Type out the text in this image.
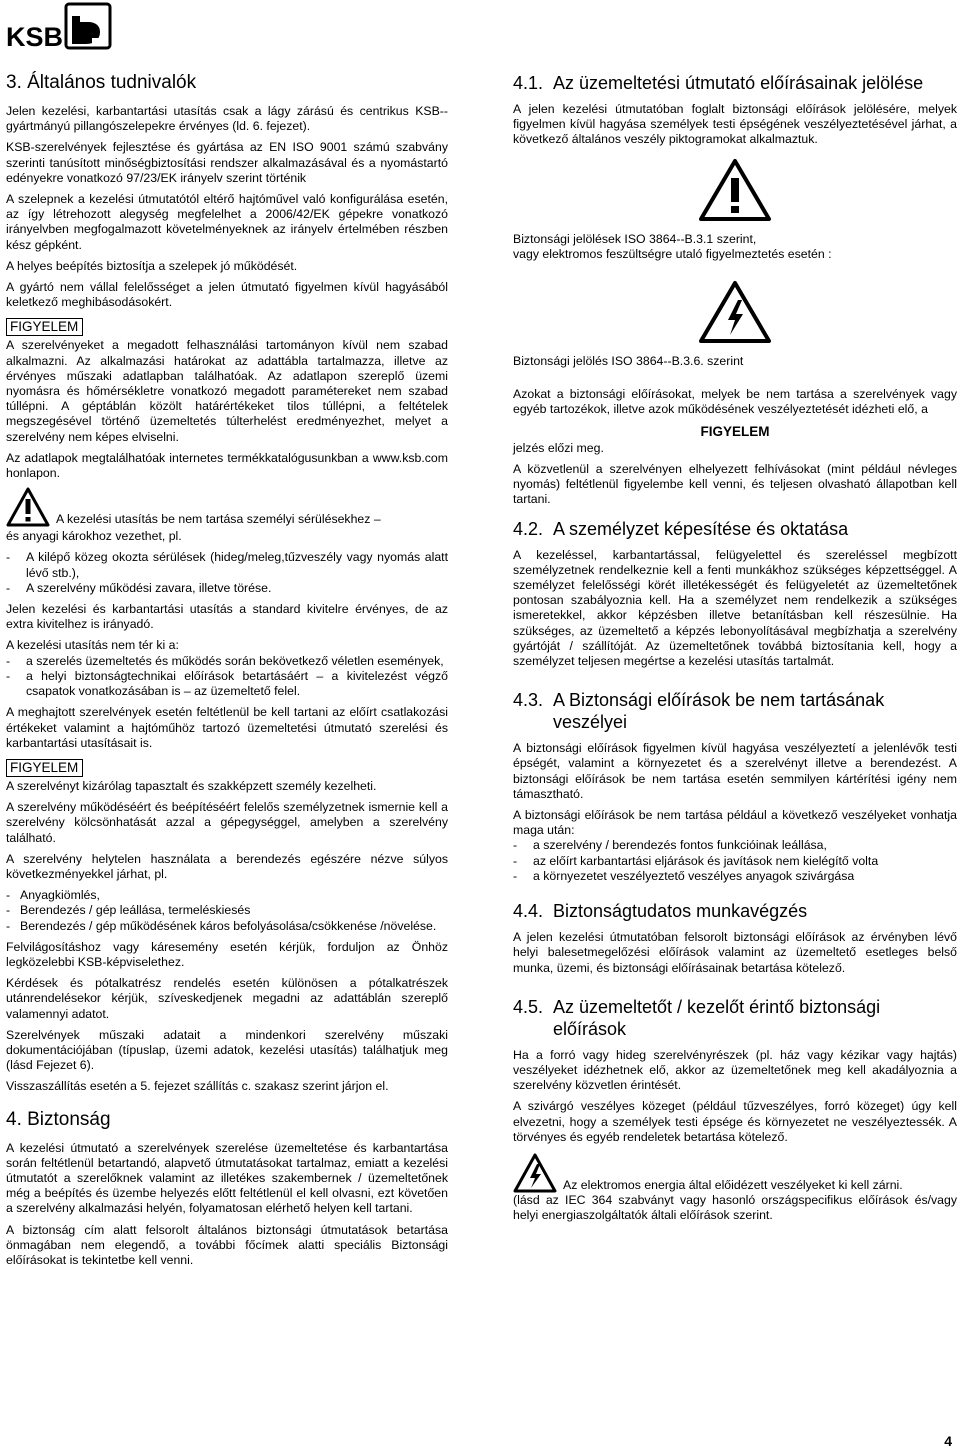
KSB
3. Általános tudnivalók

Jelen kezelési, karbantartási utasítás csak a lágy zárású és centrikus KSB--gyártmányú pillangószelepekre érvényes (ld. 6. fejezet).

KSB-szerelvények fejlesztése és gyártása az EN ISO 9001 számú szabvány szerinti tanúsított minőségbiztosítási rendszer alkalmazásával és a nyomástartó edényekre vonatkozó 97/23/EK irányelv szerint történik

A szelepnek a kezelési útmutatótól eltérő hajtóművel való konfigurálása esetén, az így létrehozott alegység megfelelhet a 2006/42/EK gépekre vonatkozó irányelvben megfogalmazott követelményeknek az irányelv értelmében részben kész gépként.

A helyes beépítés biztosítja a szelepek jó működését.

A gyártó nem vállal felelősséget a jelen útmutató figyelmen kívül hagyásából keletkező meghibásodásokért.

FIGYELEM

A szerelvényeket a megadott felhasználási tartományon kívül nem szabad alkalmazni. Az alkalmazási határokat az adattábla tartalmazza, illetve az érvényes műszaki adatlapban találhatóak. Az adatlapon szereplő üzemi nyomásra és hőmérsékletre vonatkozó megadott paramétereket nem szabad túllépni. A géptáblán közölt határértékeket tilos túllépni, a feltételek megszegésével történő üzemeltetés túlterhelést eredményezhet, melyet a szerelvény nem képes elviselni.

Az adatlapok megtalálhatóak internetes termékkatalógusunkban a www.ksb.com honlapon.

A kezelési utasítás be nem tartása személyi sérülésekhez –

és anyagi károkhoz vezethet, pl.

- A kilépő közeg okozta sérülések (hideg/meleg,tűzveszély vagy nyomás alatt lévő stb.),
- A szerelvény működési zavara, illetve törése.

Jelen kezelési és karbantartási utasítás a standard kivitelre érvényes, de az extra kivitelhez is irányadó.

A kezelési utasítás nem tér ki a:

- a szerelés üzemeltetés és működés során bekövetkező véletlen események,
- a helyi biztonságtechnikai előírások betartásáért – a kivitelezést végző csapatok vonatkozásában is – az üzemeltető felel.

A meghajtott szerelvények esetén feltétlenül be kell tartani az előírt csatlakozási értékeket valamint a hajtóműhöz tartozó üzemeltetési útmutató szerelési és karbantartási utasításait is.

FIGYELEM

A szerelvényt kizárólag tapasztalt és szakképzett személy kezelheti.

A szerelvény működéséért és beépítéséért felelős személyzetnek ismernie kell a szerelvény kölcsönhatását azzal a gépegységgel, amelyben a szerelvény található.

A szerelvény helytelen használata a berendezés egészére nézve súlyos következményekkel járhat, pl.

- Anyagkiömlés,
- Berendezés / gép leállása, termeléskiesés
- Berendezés / gép működésének káros befolyásolása/csökkenése /növelése.

Felvilágosításhoz vagy káresemény esetén kérjük, forduljon az Önhöz legközelebbi KSB-képviselethez.

Kérdések és pótalkatrész rendelés esetén különösen a pótalkatrészek utánrendelésekor kérjük, szíveskedjenek megadni az adattáblán szereplő valamennyi adatot.

Szerelvények műszaki adatait a mindenkori szerelvény műszaki dokumentációjában (típuslap, üzemi adatok, kezelési utasítás) találhatjuk meg (lásd Fejezet 6).

Visszaszállítás esetén a 5. fejezet szállítás c. szakasz szerint járjon el.

4. Biztonság

A kezelési útmutató a szerelvények szerelése üzemeltetése és karbantartása során feltétlenül betartandó, alapvető útmutatásokat tartalmaz, emiatt a kezelési útmutatót a szerelőknek valamint az illetékes szakembernek / üzemeltetőnek még a beépítés és üzembe helyezés előtt feltétlenül el kell olvasni, ezt követően a szerelvény alkalmazási helyén, folyamatosan elérhető helyen kell tartani.

A biztonság cím alatt felsorolt általános biztonsági útmutatások betartása önmagában nem elegendő, a további főcímek alatti speciális Biztonsági előírásokat is tekintetbe kell venni.

4.1. Az üzemeltetési útmutató előírásainak jelölése

A jelen kezelési útmutatóban foglalt biztonsági előírások jelölésére, melyek figyelmen kívül hagyása személyek testi épségének veszélyeztetésével járhat, a következő általános veszély piktogramokat alkalmaztuk.

Biztonsági jelölések ISO 3864--B.3.1 szerint,
vagy elektromos feszültségre utaló figyelmeztetés esetén :

Biztonsági jelölés ISO 3864--B.3.6. szerint

Azokat a biztonsági előírásokat, melyek be nem tartása a szerelvények vagy egyéb tartozékok, illetve azok működésének veszélyeztetését idézheti elő, a

FIGYELEM

jelzés előzi meg.

A közvetlenül a szerelvényen elhelyezett felhívásokat (mint például névleges nyomás) feltétlenül figyelembe kell venni, és teljesen olvasható állapotban kell tartani.

4.2. A személyzet képesítése és oktatása

A kezeléssel, karbantartással, felügyelettel és szereléssel megbízott személyzetnek rendelkeznie kell a fenti munkákhoz szükséges képzettséggel. A személyzet felelősségi körét illetékességét és felügyeletét az üzemeltetőnek pontosan szabályoznia kell. Ha a személyzet nem rendelkezik a szükséges ismeretekkel, akkor képzésben illetve betanításban kell részesülnie. Ha szükséges, az üzemeltető a képzés lebonyolításával megbízhatja a szerelvény gyártóját / szállítóját. Az üzemeltetőnek továbbá biztosítania kell, hogy a személyzet teljesen megértse a kezelési utasítás tartalmát.

4.3. A Biztonsági előírások be nem tartásának veszélyei

A biztonsági előírások figyelmen kívül hagyása veszélyeztetí a jelenlévők testi épségét, valamint a környezetet és a szerelvényt illetve a berendezést. A biztonsági előírások be nem tartása esetén semmilyen kártérítési igény nem támasztható.

A biztonsági előírások be nem tartása például a következő veszélyeket vonhatja maga után:

- a szerelvény / berendezés fontos funkcióinak leállása,
- az előírt karbantartási eljárások és javítások nem kielégítő volta
- a környezetet veszélyeztető veszélyes anyagok szivárgása
4.4. Biztonságtudatos munkavégzés

A jelen kezelési útmutatóban felsorolt biztonsági előírások az érvényben lévő helyi balesetmegelőzési előírások valamint az üzemeltető esetleges belső munka, üzemi, és biztonsági előírásainak betartása kötelező.

4.5. Az üzemeltetőt / kezelőt érintő biztonsági előírások

Ha a forró vagy hideg szerelvényrészek (pl. ház vagy kézikar vagy hajtás) veszélyeket idézhetnek elő, akkor az üzemeltetőnek meg kell akadályoznia a szerelvény közvetlen érintését.

A szivárgó veszélyes közeget (például tűzveszélyes, forró közeget) úgy kell elvezetni, hogy a személyek testi épsége és környezetet ne veszélyeztessék. A törvényes és egyéb rendeletek betartása kötelező.

Az elektromos energia által előidézett veszélyeket ki kell zárni.

(lásd az IEC 364 szabványt vagy hasonló országspecifikus előírások és/vagy helyi energiaszolgáltatók általi előírások szerint.

4
